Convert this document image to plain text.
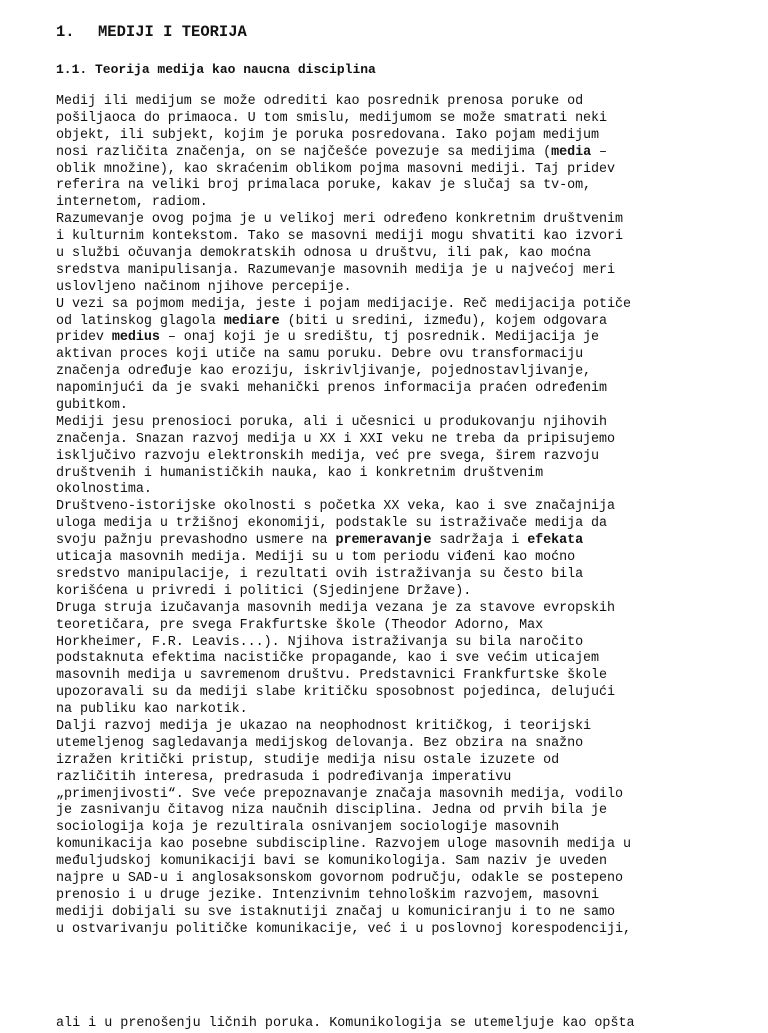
1. MEDIJI I TEORIJA
1.1. Teorija medija kao naucna disciplina
Medij ili medijum se može odrediti kao posrednik prenosa poruke od
pošiljaoca do primaoca. U tom smislu, medijumom se može smatrati neki
objekt, ili subjekt, kojim je poruka posredovana. Iako pojam medijum
nosi različita značenja, on se najčešće povezuje sa medijima (media –
oblik množine), kao skraćenim oblikom pojma masovni mediji. Taj pridev
referira na veliki broj primalaca poruke, kakav je slučaj sa tv-om,
internetom, radiom.
Razumevanje ovog pojma je u velikoj meri određeno konkretnim društvenim
i kulturnim kontekstom. Tako se masovni mediji mogu shvatiti kao izvori
u službi očuvanja demokratskih odnosa u društvu, ili pak, kao moćna
sredstva manipulisanja. Razumevanje masovnih medija je u najvećoj meri
uslovljeno načinom njihove percepije.
U vezi sa pojmom medija, jeste i pojam medijacije. Reč medijacija potiče
od latinskog glagola mediare (biti u sredini, između), kojem odgovara
pridev medius – onaj koji je u središtu, tj posrednik. Medijacija je
aktivan proces koji utiče na samu poruku. Debre ovu transformaciju
značenja određuje kao eroziju, iskrivljivanje, pojednostavljivanje,
napominjući da je svaki mehanički prenos informacija praćen određenim
gubitkom.
Mediji jesu prenosioci poruka, ali i učesnici u produkovanju njihovih
značenja. Snazan razvoj medija u XX i XXI veku ne treba da pripisujemo
isključivo razvoju elektronskih medija, već pre svega, širem razvoju
društvenih i humanističkih nauka, kao i konkretnim društvenim
okolnostima.
Društveno-istorijske okolnosti s početka XX veka, kao i sve značajnija
uloga medija u tržišnoj ekonomiji, podstakle su istraživače medija da
svoju pažnju prevashodno usmere na premeravanje sadržaja i efekata
uticaja masovnih medija. Mediji su u tom periodu viđeni kao moćno
sredstvo manipulacije, i rezultati ovih istraživanja su često bila
korišćena u privredi i politici (Sjedinjene Države).
Druga struja izučavanja masovnih medija vezana je za stavove evropskih
teoretičara, pre svega Frakfurtske škole (Theodor Adorno, Max
Horkheimer, F.R. Leavis...). Njihova istraživanja su bila naročito
podstaknuta efektima nacističke propagande, kao i sve većim uticajem
masovnih medija u savremenom društvu. Predstavnici Frankfurtske škole
upozoravali su da mediji slabe kritičku sposobnost pojedinca, delujući
na publiku kao narkotik.
Dalji razvoj medija je ukazao na neophodnost kritičkog, i teorijski
utemeljenog sagledavanja medijskog delovanja. Bez obzira na snažno
izražen kritički pristup, studije medija nisu ostale izuzete od
različitih interesa, predrasuda i podređivanja imperativu
„primenjivosti“. Sve veće prepoznavanje značaja masovnih medija, vodilo
je zasnivanju čitavog niza naučnih disciplina. Jedna od prvih bila je
sociologija koja je rezultirala osnivanjem sociologije masovnih
komunikacija kao posebne subdiscipline. Razvojem uloge masovnih medija u
međuljudskoj komunikaciji bavi se komunikologija. Sam naziv je uveden
najpre u SAD-u i anglosaksonskom govornom području, odakle se postepeno
prenosio i u druge jezike. Intenzivnim tehnološkim razvojem, masovni
mediji dobijali su sve istaknutiji značaj u komuniciranju i to ne samo
u ostvarivanju političke komunikacije, već i u poslovnoj korespodenciji,
ali i u prenošenju ličnih poruka. Komunikologija se utemeljuje kao opšta
